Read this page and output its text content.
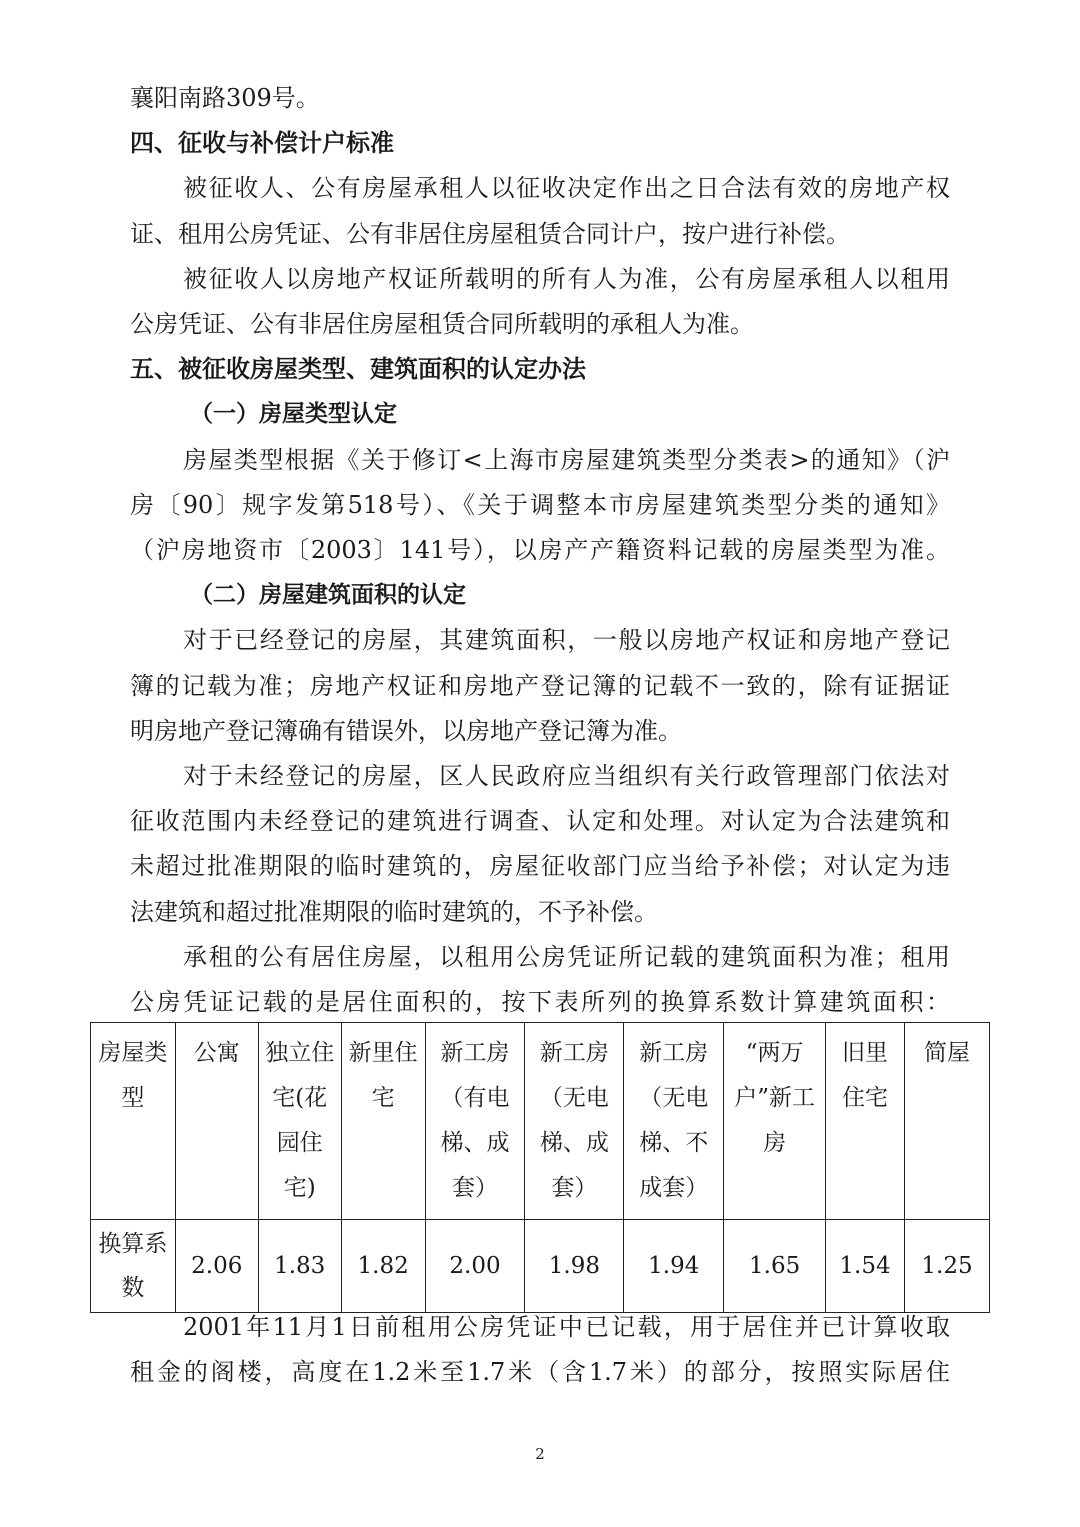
襄阳南路309号。
四、征收与补偿计户标准
被征收人、公有房屋承租人以征收决定作出之日合法有效的房地产权
证、租用公房凭证、公有非居住房屋租赁合同计户，按户进行补偿。
被征收人以房地产权证所载明的所有人为准，公有房屋承租人以租用
公房凭证、公有非居住房屋租赁合同所载明的承租人为准。
五、被征收房屋类型、建筑面积的认定办法
（一）房屋类型认定
房屋类型根据《关于修订<上海市房屋建筑类型分类表>的通知》（沪
房〔90〕规字发第518号）、《关于调整本市房屋建筑类型分类的通知》
（沪房地资市〔2003〕141号），以房产产籍资料记载的房屋类型为准。
（二）房屋建筑面积的认定
对于已经登记的房屋，其建筑面积，一般以房地产权证和房地产登记
簿的记载为准；房地产权证和房地产登记簿的记载不一致的，除有证据证
明房地产登记簿确有错误外，以房地产登记簿为准。
对于未经登记的房屋，区人民政府应当组织有关行政管理部门依法对
征收范围内未经登记的建筑进行调查、认定和处理。对认定为合法建筑和
未超过批准期限的临时建筑的，房屋征收部门应当给予补偿；对认定为违
法建筑和超过批准期限的临时建筑的，不予补偿。
承租的公有居住房屋，以租用公房凭证所记载的建筑面积为准；租用
公房凭证记载的是居住面积的，按下表所列的换算系数计算建筑面积：
2001年11月1日前租用公房凭证中已记载，用于居住并已计算收取
租金的阁楼，高度在1.2米至1.7米（含1.7米）的部分，按照实际居住
房屋类型	公寓	独立住宅(花园住宅)	新里住宅	新工房（有电梯、成套）	新工房（无电梯、成套）	新工房（无电梯、不成套）	“两万户”新工房	旧里住宅	简屋
换算系数	2.06	1.83	1.82	2.00	1.98	1.94	1.65	1.54	1.25
2
